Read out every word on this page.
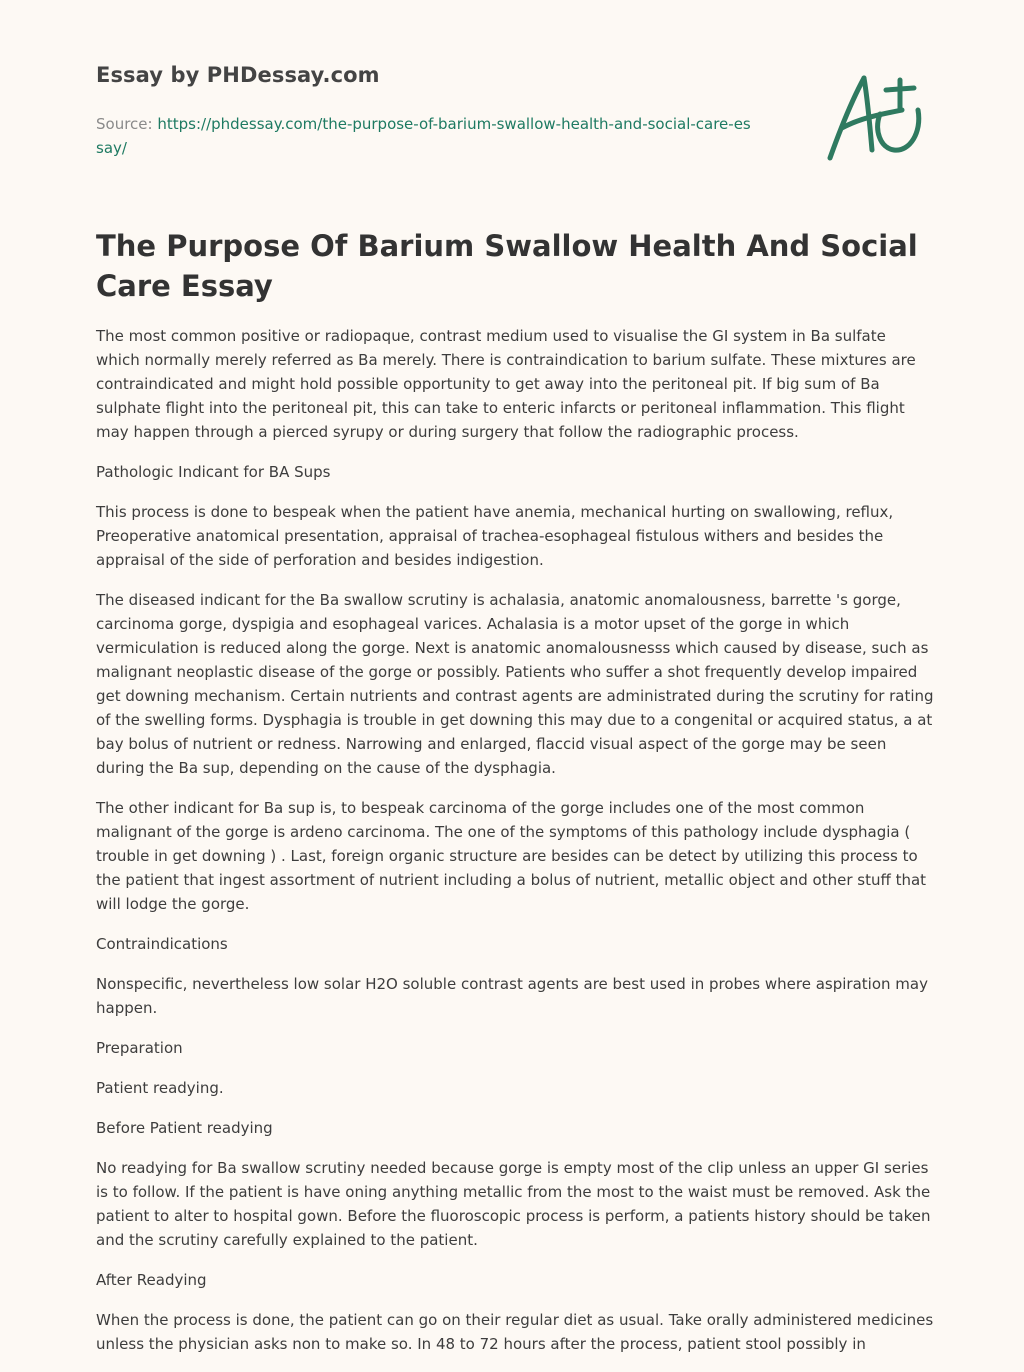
Essay by PHDessay.com

Source: https://phdessay.com/the-purpose-of-barium-swallow-health-and-social-care-essay/

The Purpose Of Barium Swallow Health And Social Care Essay

The most common positive or radiopaque, contrast medium used to visualise the GI system in Ba sulfate which normally merely referred as Ba merely. There is contraindication to barium sulfate. These mixtures are contraindicated and might hold possible opportunity to get away into the peritoneal pit. If big sum of Ba sulphate flight into the peritoneal pit, this can take to enteric infarcts or peritoneal inflammation. This flight may happen through a pierced syrupy or during surgery that follow the radiographic process.

Pathologic Indicant for BA Sups

This process is done to bespeak when the patient have anemia, mechanical hurting on swallowing, reflux, Preoperative anatomical presentation, appraisal of trachea-esophageal fistulous withers and besides the appraisal of the side of perforation and besides indigestion.

The diseased indicant for the Ba swallow scrutiny is achalasia, anatomic anomalousness, barrette 's gorge, carcinoma gorge, dyspigia and esophageal varices. Achalasia is a motor upset of the gorge in which vermiculation is reduced along the gorge. Next is anatomic anomalousnesss which caused by disease, such as malignant neoplastic disease of the gorge or possibly. Patients who suffer a shot frequently develop impaired get downing mechanism. Certain nutrients and contrast agents are administrated during the scrutiny for rating of the swelling forms. Dysphagia is trouble in get downing this may due to a congenital or acquired status, a at bay bolus of nutrient or redness. Narrowing and enlarged, flaccid visual aspect of the gorge may be seen during the Ba sup, depending on the cause of the dysphagia.

The other indicant for Ba sup is, to bespeak carcinoma of the gorge includes one of the most common malignant of the gorge is ardeno carcinoma. The one of the symptoms of this pathology include dysphagia ( trouble in get downing ) . Last, foreign organic structure are besides can be detect by utilizing this process to the patient that ingest assortment of nutrient including a bolus of nutrient, metallic object and other stuff that will lodge the gorge.

Contraindications

Nonspecific, nevertheless low solar H2O soluble contrast agents are best used in probes where aspiration may happen.

Preparation

Patient readying.

Before Patient readying

No readying for Ba swallow scrutiny needed because gorge is empty most of the clip unless an upper GI series is to follow. If the patient is have oning anything metallic from the most to the waist must be removed. Ask the patient to alter to hospital gown. Before the fluoroscopic process is perform, a patients history should be taken and the scrutiny carefully explained to the patient.

After Readying

When the process is done, the patient can go on their regular diet as usual. Take orally administered medicines unless the physician asks non to make so. In 48 to 72 hours after the process, patient stool possibly in
